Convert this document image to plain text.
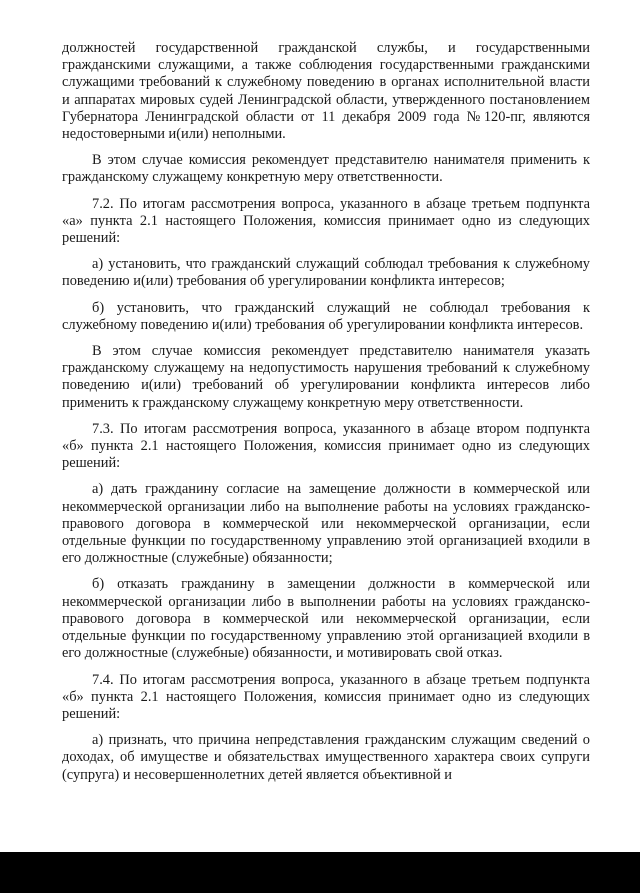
должностей государственной гражданской службы, и государственными гражданскими служащими, а также соблюдения государственными гражданскими служащими требований к служебному поведению в органах исполнительной власти и аппаратах мировых судей Ленинградской области, утвержденного постановлением Губернатора Ленинградской области от 11 декабря 2009 года №120-пг, являются недостоверными и(или) неполными.

В этом случае комиссия рекомендует представителю нанимателя применить к гражданскому служащему конкретную меру ответственности.

7.2. По итогам рассмотрения вопроса, указанного в абзаце третьем подпункта «а» пункта 2.1 настоящего Положения, комиссия принимает одно из следующих решений:

а) установить, что гражданский служащий соблюдал требования к служебному поведению и(или) требования об урегулировании конфликта интересов;

б) установить, что гражданский служащий не соблюдал требования к служебному поведению и(или) требования об урегулировании конфликта интересов.

В этом случае комиссия рекомендует представителю нанимателя указать гражданскому служащему на недопустимость нарушения требований к служебному поведению и(или) требований об урегулировании конфликта интересов либо применить к гражданскому служащему конкретную меру ответственности.

7.3. По итогам рассмотрения вопроса, указанного в абзаце втором подпункта «б» пункта 2.1 настоящего Положения, комиссия принимает одно из следующих решений:

а) дать гражданину согласие на замещение должности в коммерческой или некоммерческой организации либо на выполнение работы на условиях гражданско-правового договора в коммерческой или некоммерческой организации, если отдельные функции по государственному управлению этой организацией входили в его должностные (служебные) обязанности;

б) отказать гражданину в замещении должности в коммерческой или некоммерческой организации либо в выполнении работы на условиях гражданско-правового договора в коммерческой или некоммерческой организации, если отдельные функции по государственному управлению этой организацией входили в его должностные (служебные) обязанности, и мотивировать свой отказ.

7.4. По итогам рассмотрения вопроса, указанного в абзаце третьем подпункта «б» пункта 2.1 настоящего Положения, комиссия принимает одно из следующих решений:

а) признать, что причина непредставления гражданским служащим сведений о доходах, об имуществе и обязательствах имущественного характера своих супруги (супруга) и несовершеннолетних детей является объективной и
